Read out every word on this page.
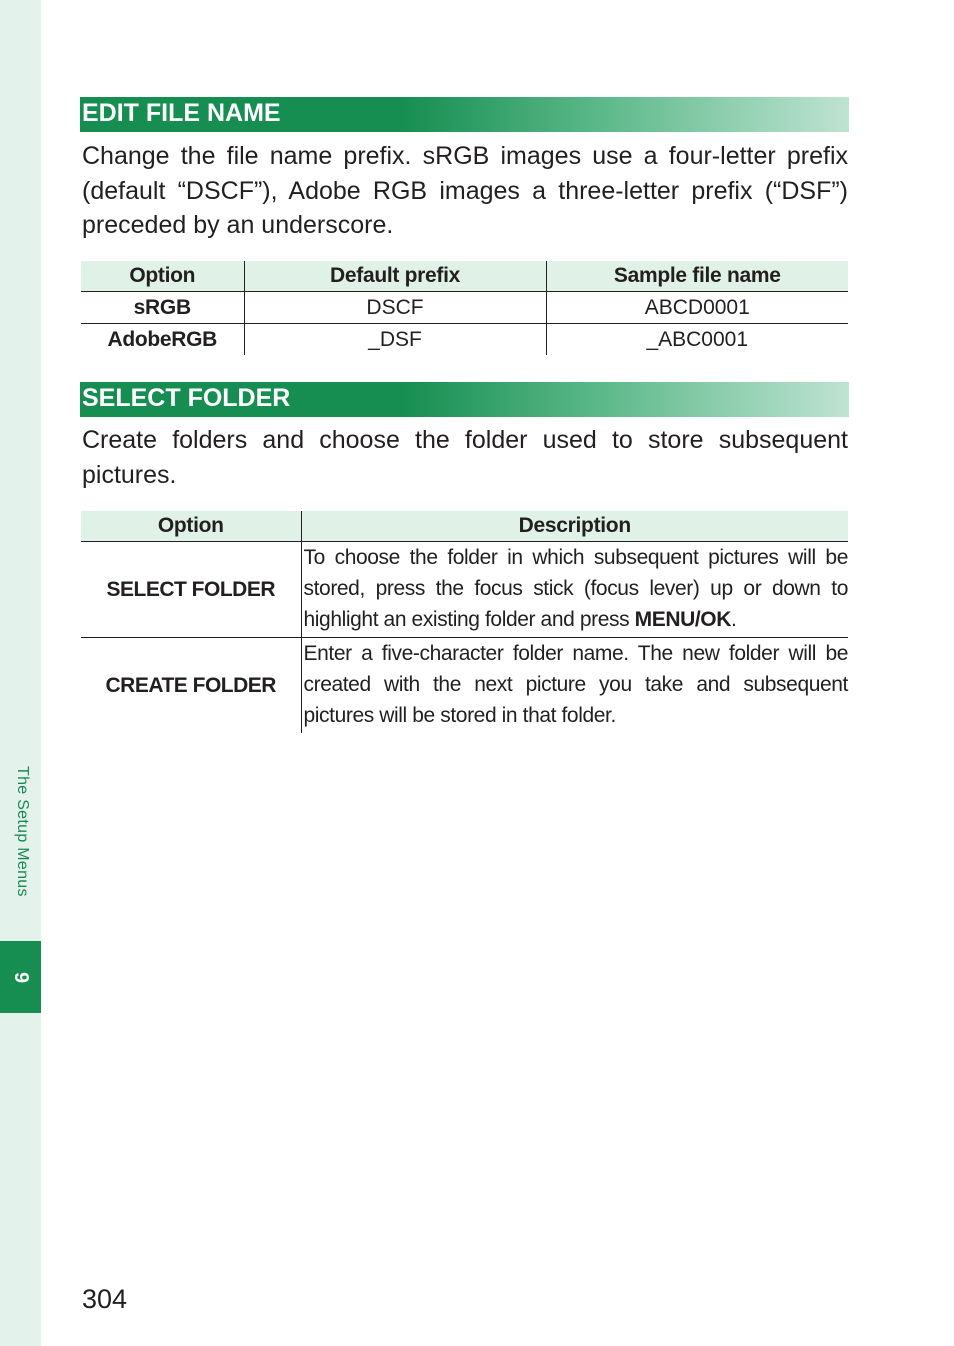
The Setup Menus
9
EDIT FILE NAME
Change the file name prefix. sRGB images use a four-letter prefix (default “DSCF”), Adobe RGB images a three-letter prefix (“DSF”) preceded by an underscore.
Option	Default prefix	Sample file name
sRGB	DSCF	ABCD0001
AdobeRGB	_DSF	_ABC0001
SELECT FOLDER
Create folders and choose the folder used to store subsequent pictures.
Option	Description
SELECT FOLDER	To choose the folder in which subsequent pictures will be stored, press the focus stick (focus lever) up or down to highlight an existing folder and press MENU/OK.
CREATE FOLDER	Enter a five-character folder name. The new folder will be created with the next picture you take and subsequent pictures will be stored in that folder.
304
